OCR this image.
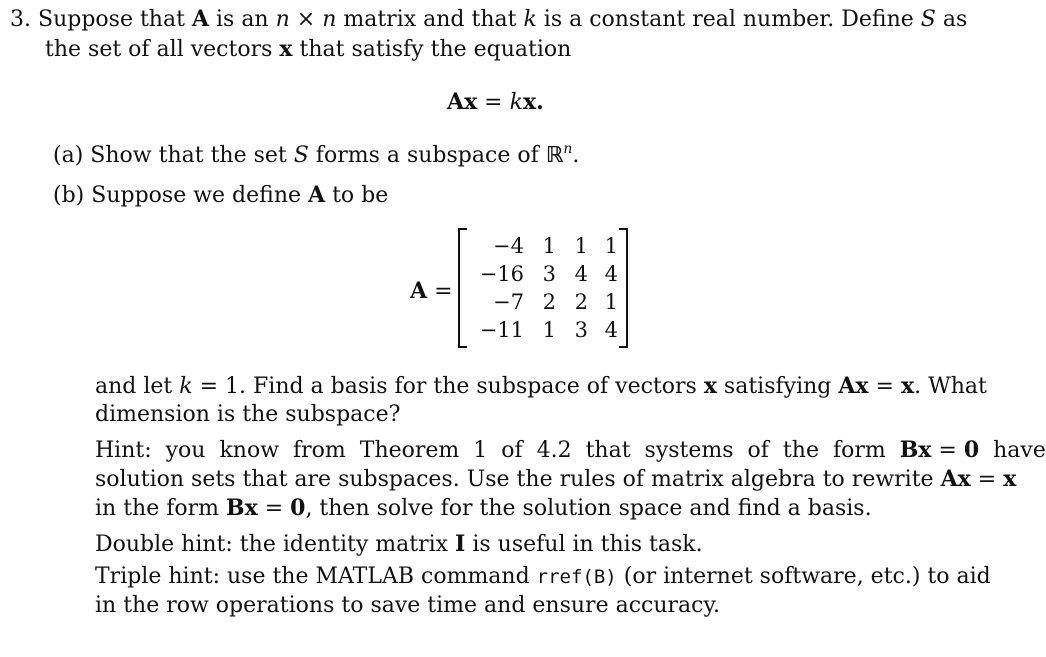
3. Suppose that A is an n × n matrix and that k is a constant real number. Define S as
the set of all vectors x that satisfy the equation
Ax = kx.
(a) Show that the set S forms a subspace of ℝ$^n$.
(b) Suppose we define A to be
A =
−4 1 1 1
−16 3 4 4
−7 2 2 1
−11 1 3 4
and let k = 1. Find a basis for the subspace of vectors x satisfying Ax = x. What
dimension is the subspace?
Hint:  you  know  from  Theorem  1  of  4.2  that  systems  of  the  form  Bx = 0  have
solution sets that are subspaces. Use the rules of matrix algebra to rewrite Ax = x
in the form Bx = 0, then solve for the solution space and find a basis.
Double hint: the identity matrix I is useful in this task.
Triple hint: use the MATLAB command rref(B) (or internet software, etc.) to aid
in the row operations to save time and ensure accuracy.
